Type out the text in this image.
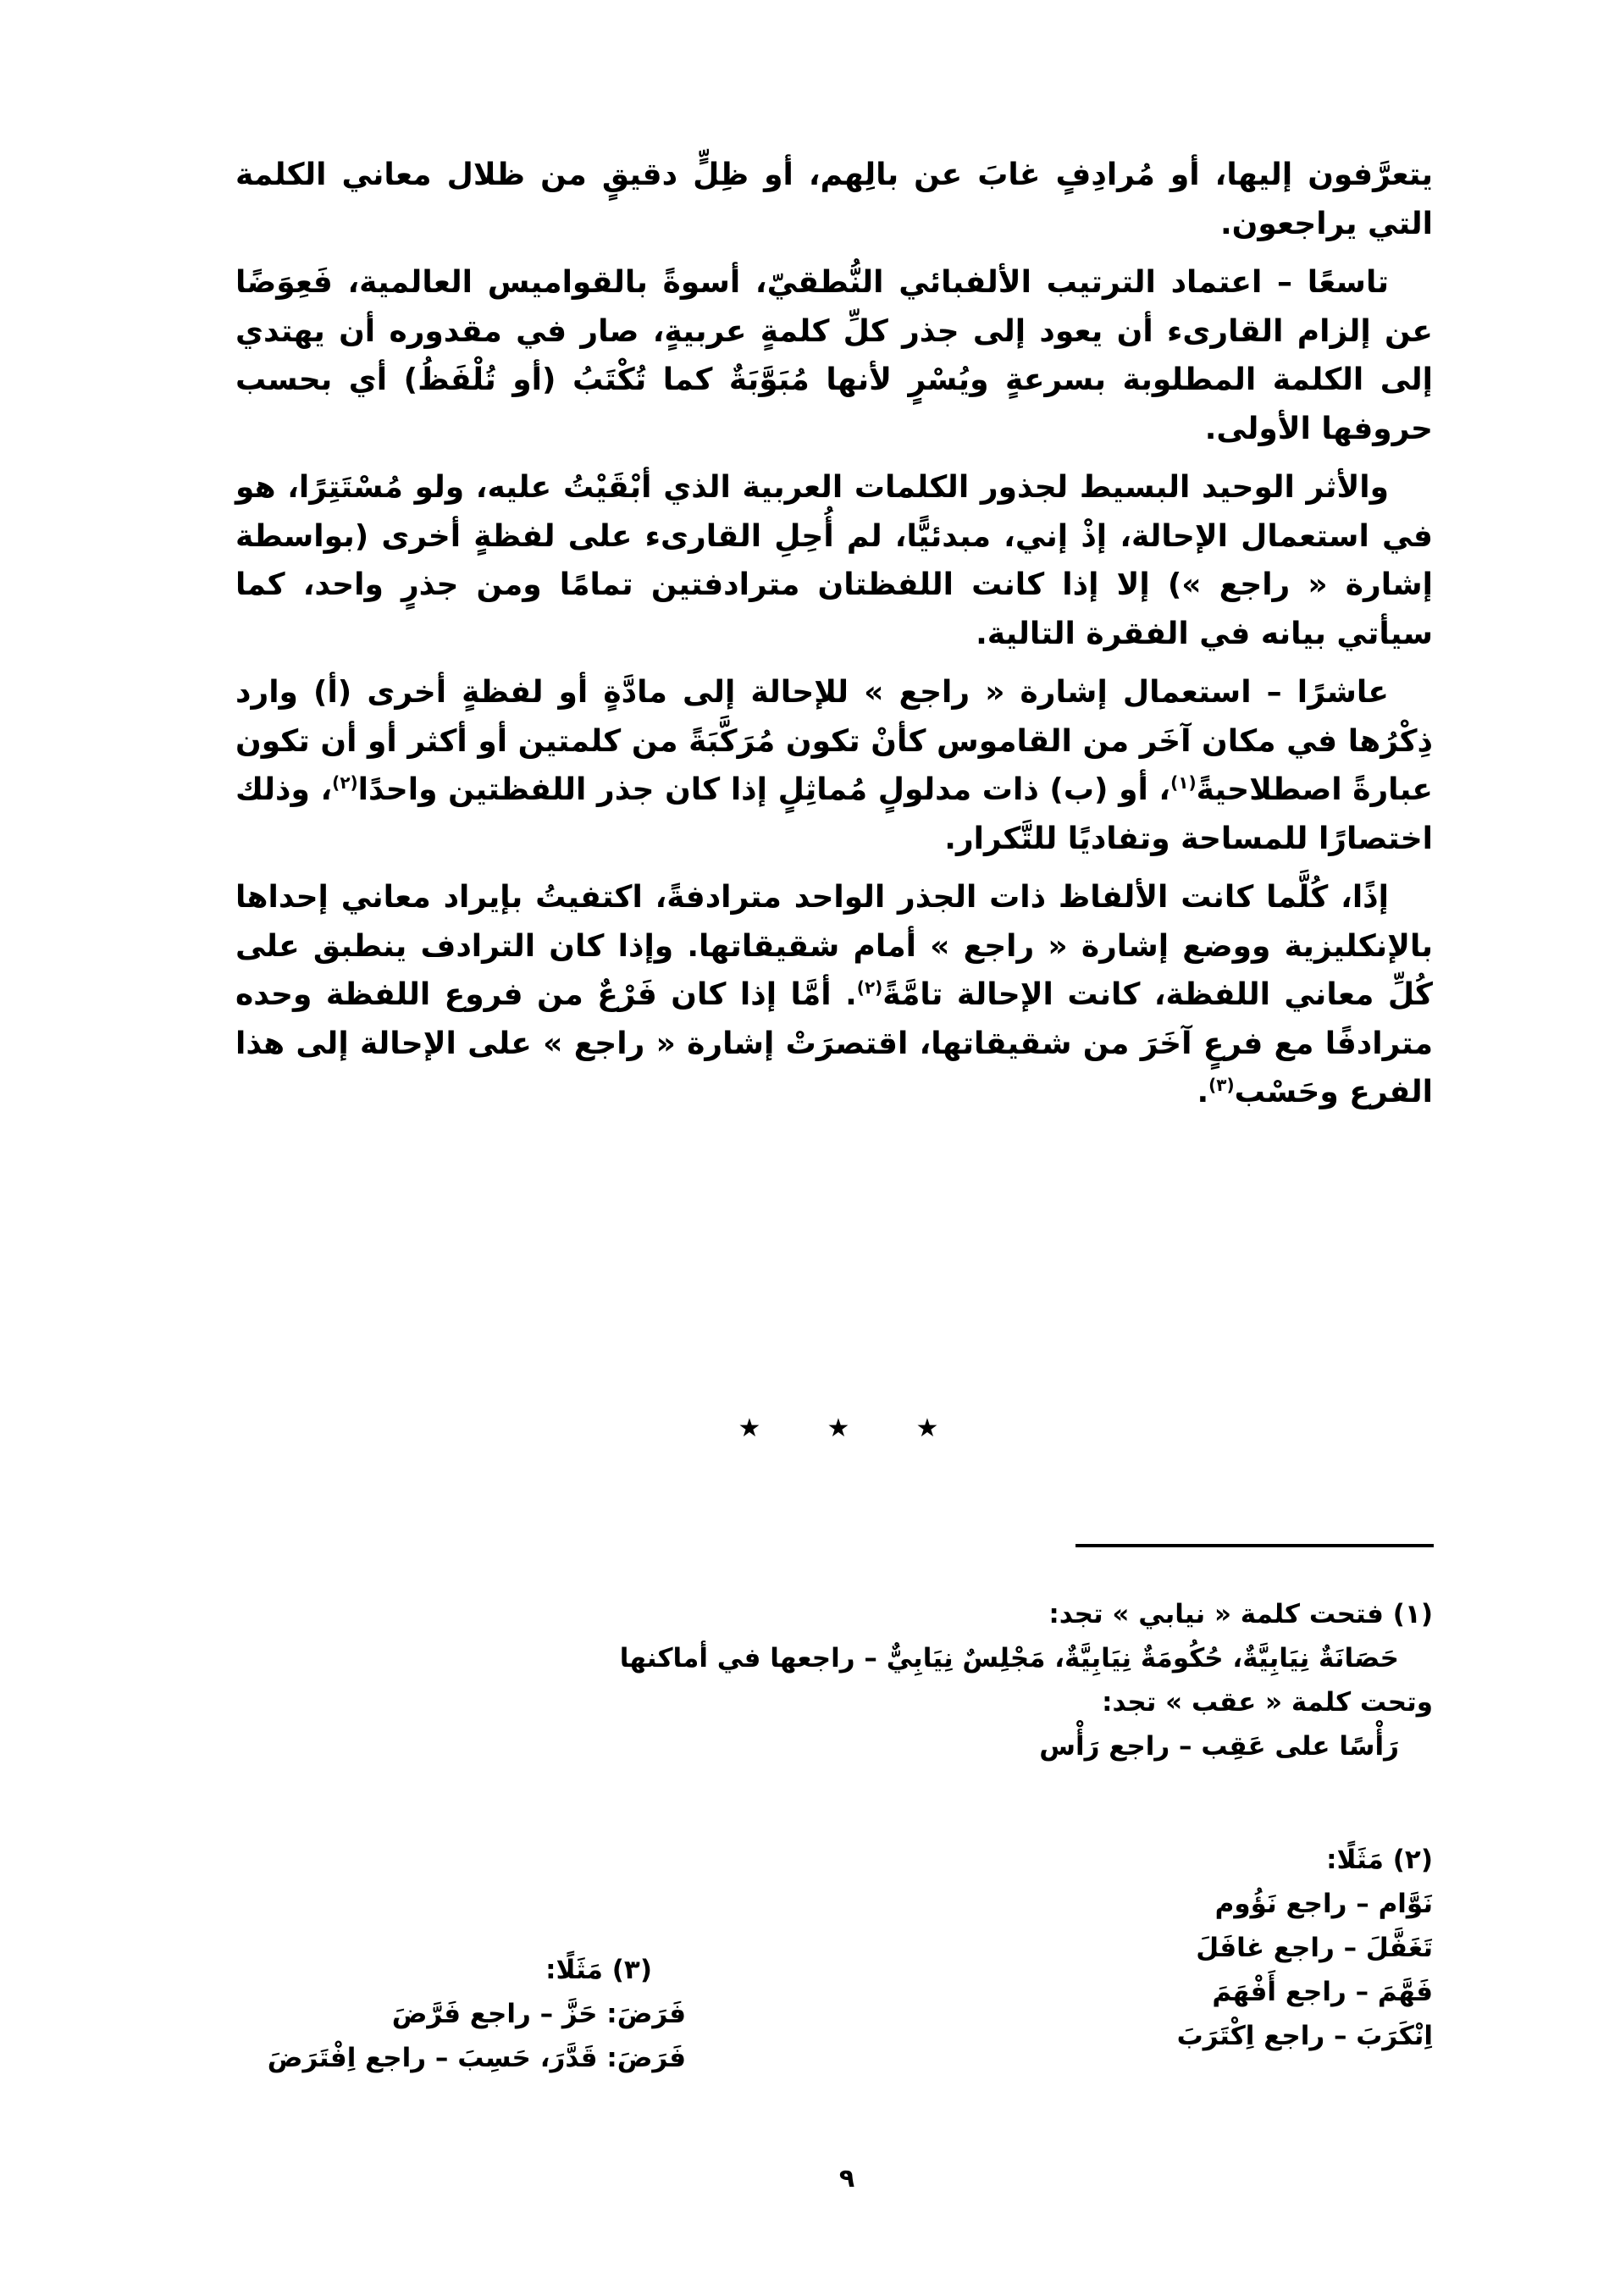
يتعرَّفون إليها، أو مُرادِفٍ غابَ عن بالِهم، أو ظِلٍّ دقيقٍ من ظلال معاني الكلمة التي يراجعون.

تاسعًا – اعتماد الترتيب الألفبائي النُّطقيّ، أسوةً بالقواميس العالمية، فَعِوَضًا عن إلزام القارىء أن يعود إلى جذر كلِّ كلمةٍ عربيةٍ، صار في مقدوره أن يهتدي إلى الكلمة المطلوبة بسرعةٍ ويُسْرٍ لأنها مُبَوَّبَةٌ كما تُكْتَبُ (أو تُلْفَظُ) أي بحسب حروفها الأولى.

والأثر الوحيد البسيط لجذور الكلمات العربية الذي أبْقَيْتُ عليه، ولو مُسْتَتِرًا، هو في استعمال الإحالة، إذْ إني، مبدئيًّا، لم أُحِلِ القارىء على لفظةٍ أخرى (بواسطة إشارة « راجع ») إلا إذا كانت اللفظتان مترادفتين تمامًا ومن جذرٍ واحد، كما سيأتي بيانه في الفقرة التالية.

عاشرًا – استعمال إشارة « راجع » للإحالة إلى مادَّةٍ أو لفظةٍ أخرى (أ) وارد ذِكْرُها في مكان آخَر من القاموس كأنْ تكون مُرَكَّبَةً من كلمتين أو أكثر أو أن تكون عبارةً اصطلاحيةً$^{(١)}$، أو (ب) ذات مدلولٍ مُماثِلٍ إذا كان جذر اللفظتين واحدًا$^{(٢)}$، وذلك اختصارًا للمساحة وتفاديًا للتَّكرار.

إذًا، كُلَّما كانت الألفاظ ذات الجذر الواحد مترادفةً، اكتفيتُ بإيراد معاني إحداها بالإنكليزية ووضع إشارة « راجع » أمام شقيقاتها. وإذا كان الترادف ينطبق على كُلِّ معاني اللفظة، كانت الإحالة تامَّةً$^{(٢)}$. أمَّا إذا كان فَرْعٌ من فروع اللفظة وحده مترادفًا مع فرعٍ آخَرَ من شقيقاتها، اقتصرَتْ إشارة « راجع » على الإحالة إلى هذا الفرع وحَسْب$^{(٣)}$.

★	★	★
(١) فتحت كلمة « نيابي » تجد:
حَصَانَةٌ نِيَابِيَّةٌ، حُكُومَةٌ نِيَابِيَّةٌ، مَجْلِسٌ نِيَابِيٌّ – راجعها في أماكنها
وتحت كلمة « عقب » تجد:
رَأْسًا على عَقِب – راجع رَأْس
(٢) مَثَلًا:
نَوَّام – راجع نَؤُوم
تَغَفَّلَ – راجع غافَلَ
فَهَّمَ – راجع أَفْهَمَ
اِنْكَرَبَ – راجع اِكْتَرَبَ
(٣) مَثَلًا:
فَرَضَ: حَزَّ – راجع فَرَّضَ
فَرَضَ: قَدَّرَ، حَسِبَ – راجع اِفْتَرَضَ
٩
